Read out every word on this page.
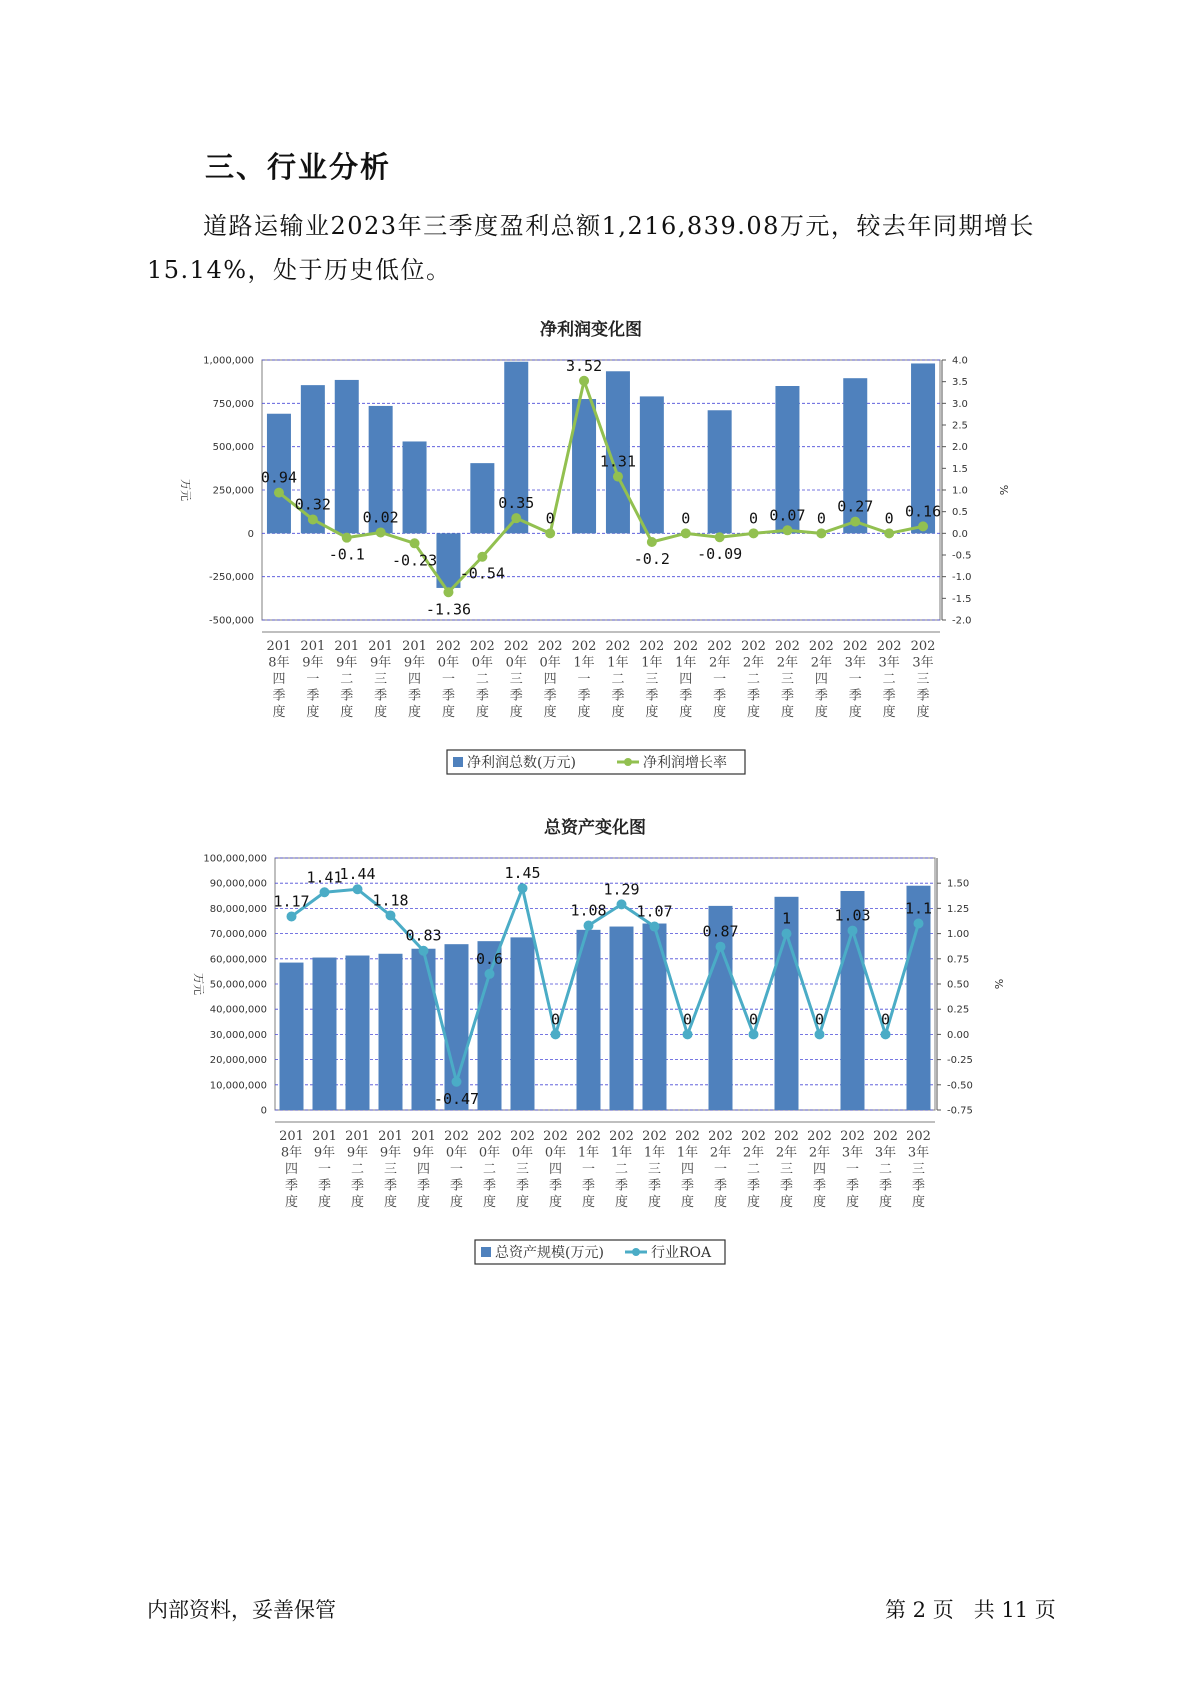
三、行业分析

道路运输业2023年三季度盈利总额1,216,839.08万元，较去年同期增长15.14%，处于历史低位。

净利润变化图
1,000,000
750,000
500,000
250,000
0
-250,000
-500,000
4.0
3.5
3.0
2.5
2.0
1.5
1.0
0.5
0.0
-0.5
-1.0
-1.5
-2.0
万元	%
201 8年四季度
201 9年一季度
201 9年二季度
201 9年三季度
201 9年四季度
202 0年一季度
202 0年二季度
202 0年三季度
202 0年四季度
202 1年一季度
202 1年二季度
202 1年三季度
202 1年四季度
202 2年一季度
202 2年二季度
202 2年三季度
202 2年四季度
202 3年一季度
202 3年二季度
202 3年三季度
0.94
0.32
-0.1
0.02
-0.23
-1.36
-0.54
0.35
0
3.52
1.31
-0.2
0
-0.09
0 0.07 0
0.27
0 0.16
净利润总数(万元)	净利润增长率
总资产变化图
100,000,000
90,000,000
80,000,000
70,000,000
60,000,000
50,000,000
40,000,000
30,000,000
20,000,000
10,000,000
0
1.50
1.25
1.00
0.75
0.50
0.25
0.00
-0.25
-0.50
-0.75
万元	%
201 8年四季度
201 9年一季度
201 9年二季度
201 9年三季度
201 9年四季度
202 0年一季度
202 0年二季度
202 0年三季度
202 0年四季度
202 1年一季度
202 1年二季度
202 1年三季度
202 1年四季度
202 2年一季度
202 2年二季度
202 2年三季度
202 2年四季度
202 3年一季度
202 3年二季度
202 3年三季度
1.17
1.41
1.44
1.18
0.83
-0.47
0.6
1.45
0
1.08
1.29
1.07
0
0.87
0
1
0
1.03
0
1.1
总资产规模(万元)	行业ROA
内部资料，妥善保管	第 2 页   共 11 页
